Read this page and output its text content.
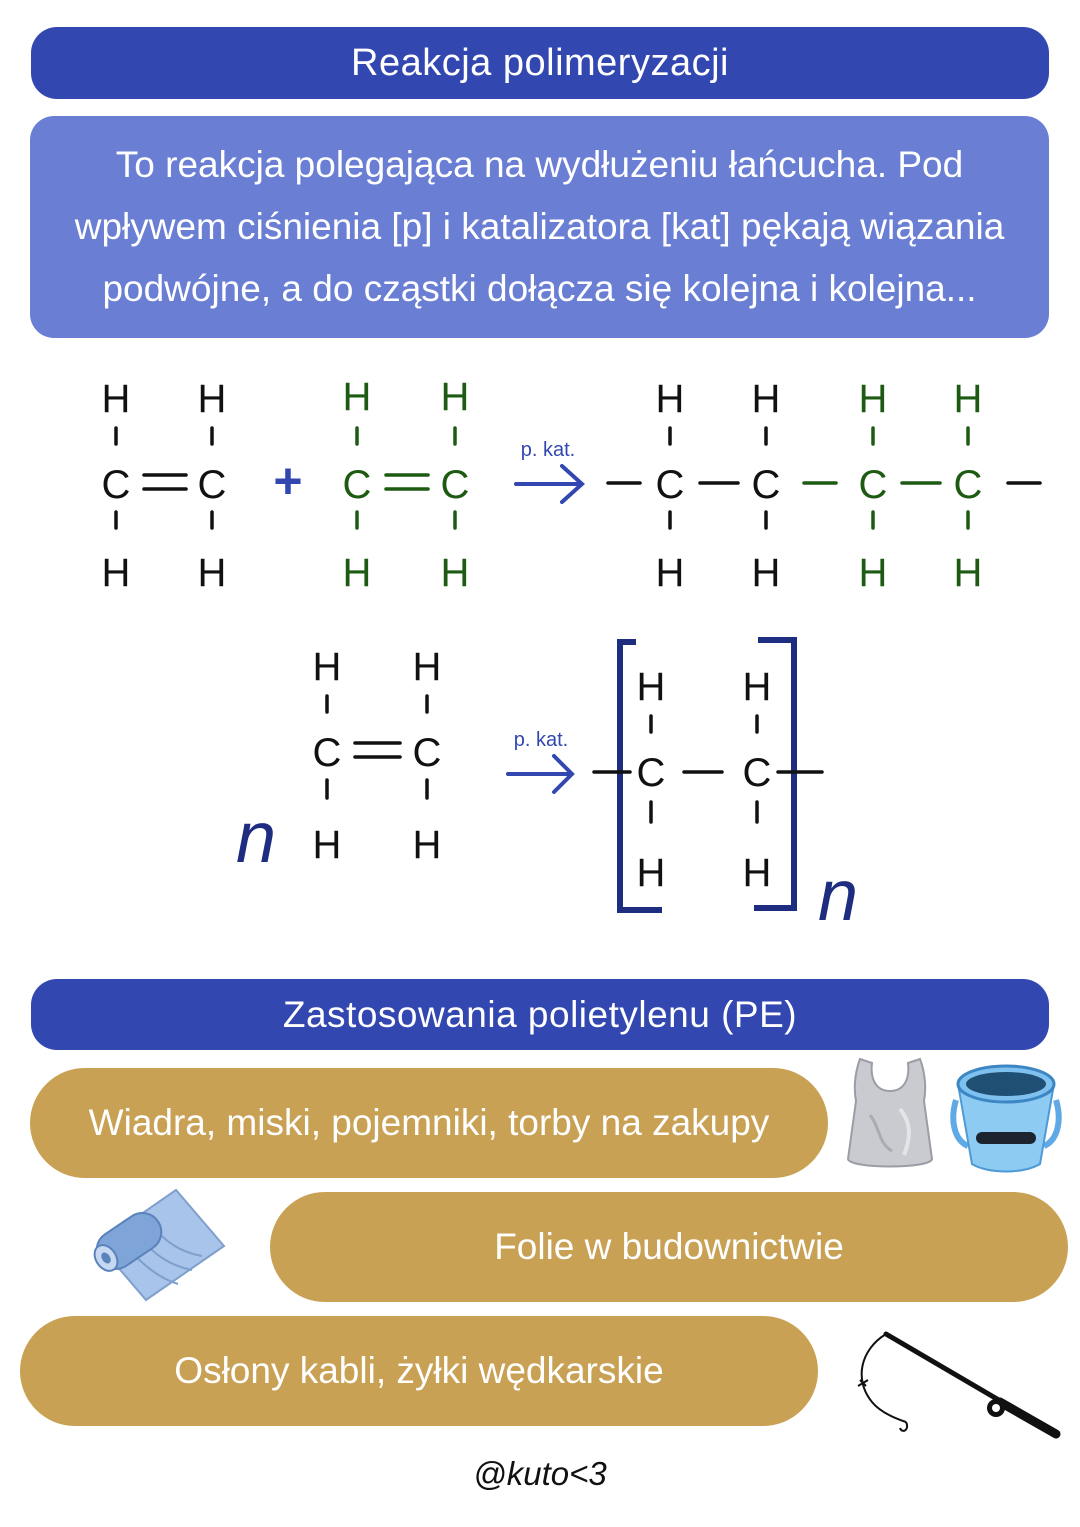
Reakcja polimeryzacji
To reakcja polegająca na wydłużeniu łańcucha. Pod
wpływem ciśnienia [p] i katalizatora [kat] pękają wiązania
podwójne, a do cząstki dołącza się kolejna i kolejna...
H H
C C
H H
+
H H
C C
H H
p. kat.
H H
C C
H H
H H
C C
H H
n
H H
C C
H H
p. kat.
H H
C C
H H n
Zastosowania polietylenu (PE)
Wiadra, miski, pojemniki, torby na zakupy
Folie w budownictwie
Osłony kabli, żyłki wędkarskie
@kuto<3
